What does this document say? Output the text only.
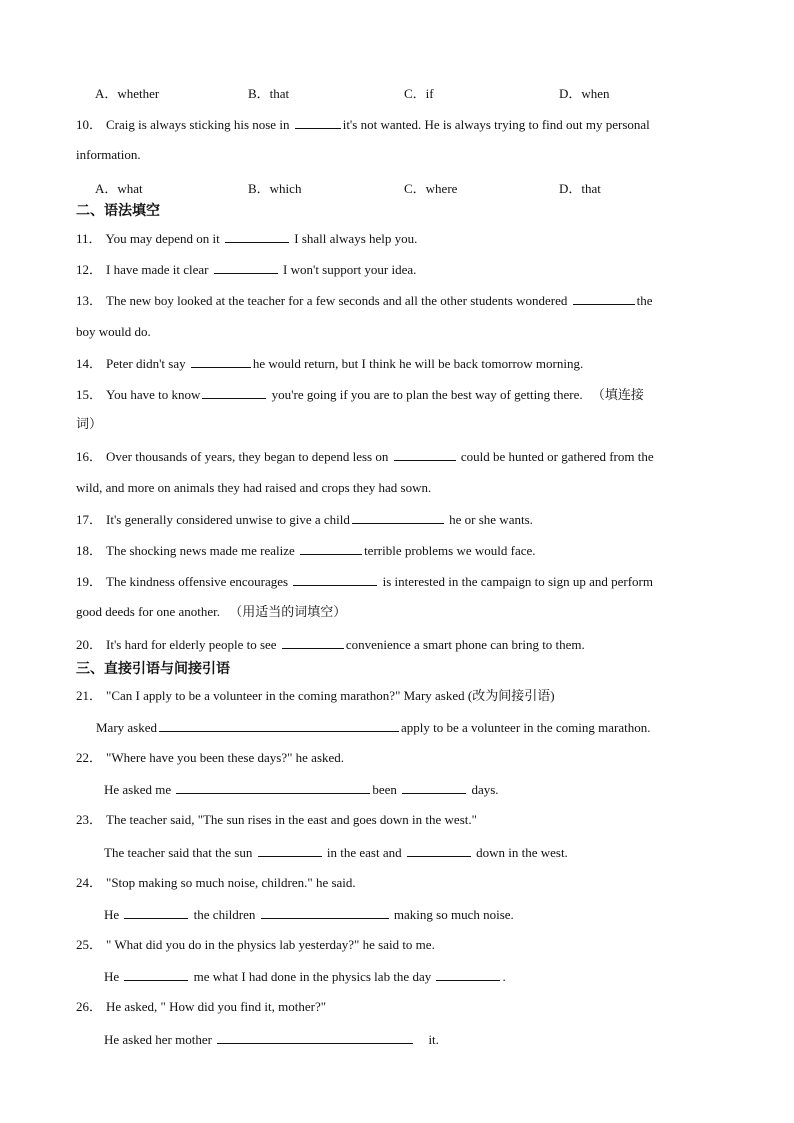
A．whether	B．that	C．if	D．when
10． Craig is always sticking his nose in	it's not wanted. He is always trying to find out my personal
information.
A．what	B．which	C．where	D．that
二、语法填空
11． You may depend on it	I shall always help you.
12． I have made it clear	I won't support your idea.
13． The new boy looked at the teacher for a few seconds and all the other students wondered	the
boy would do.
14． Peter didn't say	he would return, but I think he will be back tomorrow morning.
15． You have to know	you're going if you are to plan the best way of getting there. （填连接
词）
16． Over thousands of years, they began to depend less on	could be hunted or gathered from the
wild, and more on animals they had raised and crops they had sown.
17． It's generally considered unwise to give a child	he or she wants.
18． The shocking news made me realize	terrible problems we would face.
19． The kindness offensive encourages	is interested in the campaign to sign up and perform
good deeds for one another. （用适当的词填空）
20． It's hard for elderly people to see	convenience a smart phone can bring to them.
三、直接引语与间接引语
21． "Can I apply to be a volunteer in the coming marathon?" Mary asked (改为间接引语)
Mary asked	apply to be a volunteer in the coming marathon.
22． "Where have you been these days?" he asked.
He asked me	been	days.
23． The teacher said, "The sun rises in the east and goes down in the west."
The teacher said that the sun	in the east and	down in the west.
24． "Stop making so much noise, children." he said.
He	the children	making so much noise.
25． " What did you do in the physics lab yesterday?" he said to me.
He	me what I had done in the physics lab the day	.
26． He asked, " How did you find it, mother?"
He asked her mother	it.
